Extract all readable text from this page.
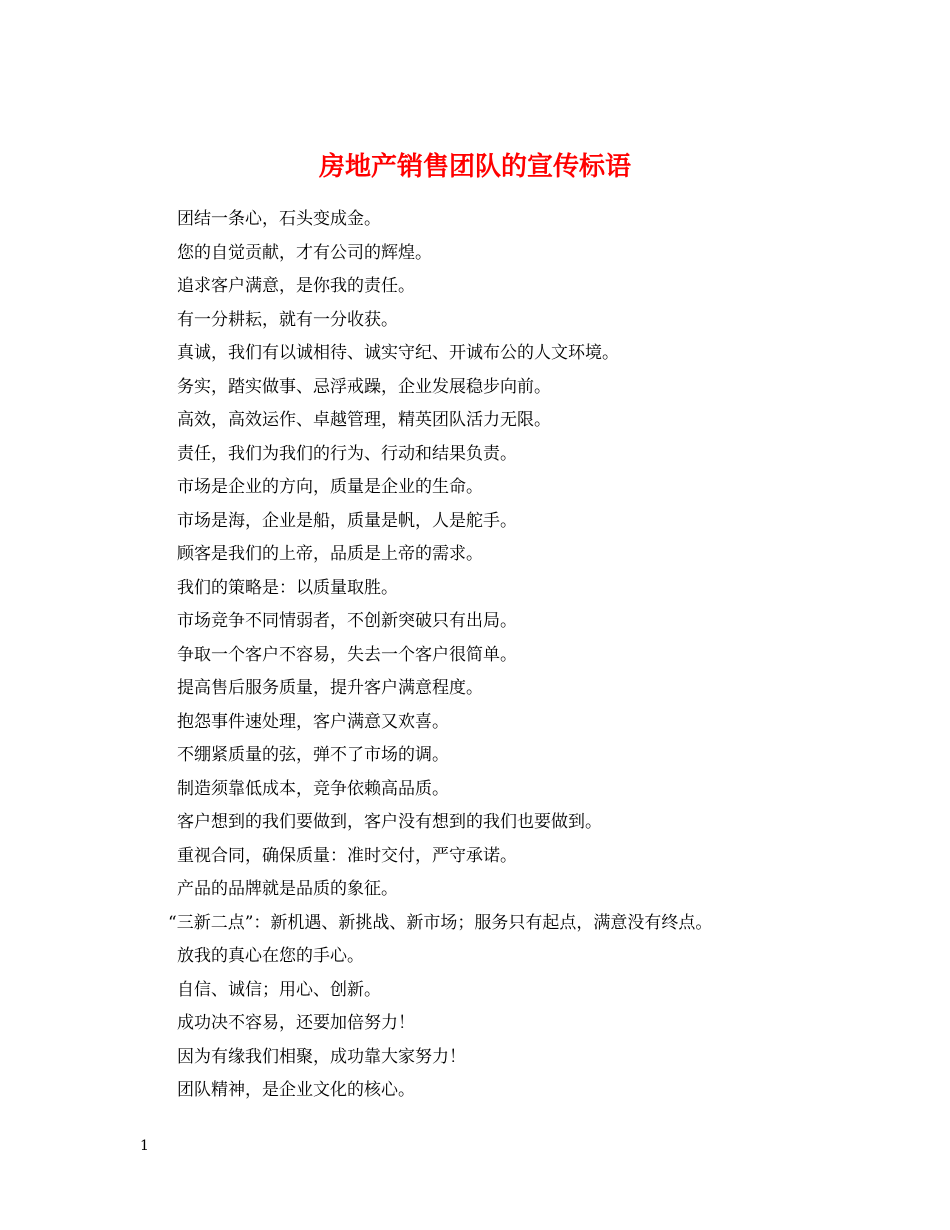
房地产销售团队的宣传标语
团结一条心，石头变成金。
您的自觉贡献，才有公司的辉煌。
追求客户满意，是你我的责任。
有一分耕耘，就有一分收获。
真诚，我们有以诚相待、诚实守纪、开诚布公的人文环境。
务实，踏实做事、忌浮戒躁，企业发展稳步向前。
高效，高效运作、卓越管理，精英团队活力无限。
责任，我们为我们的行为、行动和结果负责。
市场是企业的方向，质量是企业的生命。
市场是海，企业是船，质量是帆，人是舵手。
顾客是我们的上帝，品质是上帝的需求。
我们的策略是：以质量取胜。
市场竞争不同情弱者，不创新突破只有出局。
争取一个客户不容易，失去一个客户很简单。
提高售后服务质量，提升客户满意程度。
抱怨事件速处理，客户满意又欢喜。
不绷紧质量的弦，弹不了市场的调。
制造须靠低成本，竞争依赖高品质。
客户想到的我们要做到，客户没有想到的我们也要做到。
重视合同，确保质量：准时交付，严守承诺。
产品的品牌就是品质的象征。
“三新二点”：新机遇、新挑战、新市场；服务只有起点，满意没有终点。
放我的真心在您的手心。
自信、诚信；用心、创新。
成功决不容易，还要加倍努力！
因为有缘我们相聚，成功靠大家努力！
团队精神，是企业文化的核心。
1
